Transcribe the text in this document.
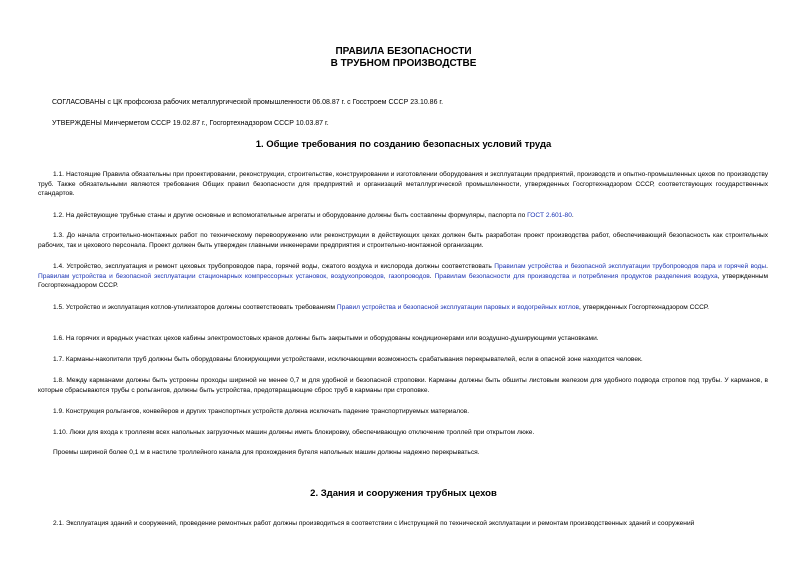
ПРАВИЛА БЕЗОПАСНОСТИ
В ТРУБНОМ ПРОИЗВОДСТВЕ
СОГЛАСОВАНЫ с ЦК профсоюза рабочих металлургической промышленности 06.08.87 г. с Госстроем СССР 23.10.86 г.
УТВЕРЖДЕНЫ Минчерметом СССР 19.02.87 г., Госгортехнадзором СССР 10.03.87 г.
1. Общие требования по созданию безопасных условий труда
1.1. Настоящие Правила обязательны при проектировании, реконструкции, строительстве, конструировании и изготовлении оборудования и эксплуатации предприятий, производств и опытно-промышленных цехов по производству труб. Также обязательными являются требования Общих правил безопасности для предприятий и организаций металлургической промышленности, утвержденных Госгортехнадзором СССР, соответствующих государственных стандартов.
1.2. На действующие трубные станы и другие основные и вспомогательные агрегаты и оборудование должны быть составлены формуляры, паспорта по ГОСТ 2.601-80.
1.3. До начала строительно-монтажных работ по техническому перевооружению или реконструкции в действующих цехах должен быть разработан проект производства работ, обеспечивающий безопасность как строительных рабочих, так и цехового персонала. Проект должен быть утвержден главными инженерами предприятия и строительно-монтажной организации.
1.4. Устройство, эксплуатация и ремонт цеховых трубопроводов пара, горячей воды, сжатого воздуха и кислорода должны соответствовать Правилам устройства и безопасной эксплуатации трубопроводов пара и горячей воды. Правилам устройства и безопасной эксплуатации стационарных компрессорных установок, воздухопроводов, газопроводов. Правилам безопасности для производства и потребления продуктов разделения воздуха, утвержденным Госгортехнадзором СССР.
1.5. Устройство и эксплуатация котлов-утилизаторов должны соответствовать требованиям Правил устройства и безопасной эксплуатации паровых и водогрейных котлов, утвержденных Госгортехнадзором СССР.
1.6. На горячих и вредных участках цехов кабины электромостовых кранов должны быть закрытыми и оборудованы кондиционерами или воздушно-душирующими установками.
1.7. Карманы-накопители труб должны быть оборудованы блокирующими устройствами, исключающими возможность срабатывания перекрывателей, если в опасной зоне находится человек.
1.8. Между карманами должны быть устроены проходы шириной не менее 0,7 м для удобной и безопасной строповки. Карманы должны быть обшиты листовым железом для удобного подвода стропов под трубы. У карманов, в которые сбрасываются трубы с рольгангов, должны быть устройства, предотвращающие сброс труб в карманы при строповке.
1.9. Конструкция рольгангов, конвейеров и других транспортных устройств должна исключать падение транспортируемых материалов.
1.10. Люки для входа к троллеям всех напольных загрузочных машин должны иметь блокировку, обеспечивающую отключение троллей при открытом люке.
Проемы шириной более 0,1 м в настиле троллейного канала для прохождения бугеля напольных машин должны надежно перекрываться.
2. Здания и сооружения трубных цехов
2.1. Эксплуатация зданий и сооружений, проведение ремонтных работ должны производиться в соответствии с Инструкцией по технической эксплуатации и ремонтам производственных зданий и сооружений
